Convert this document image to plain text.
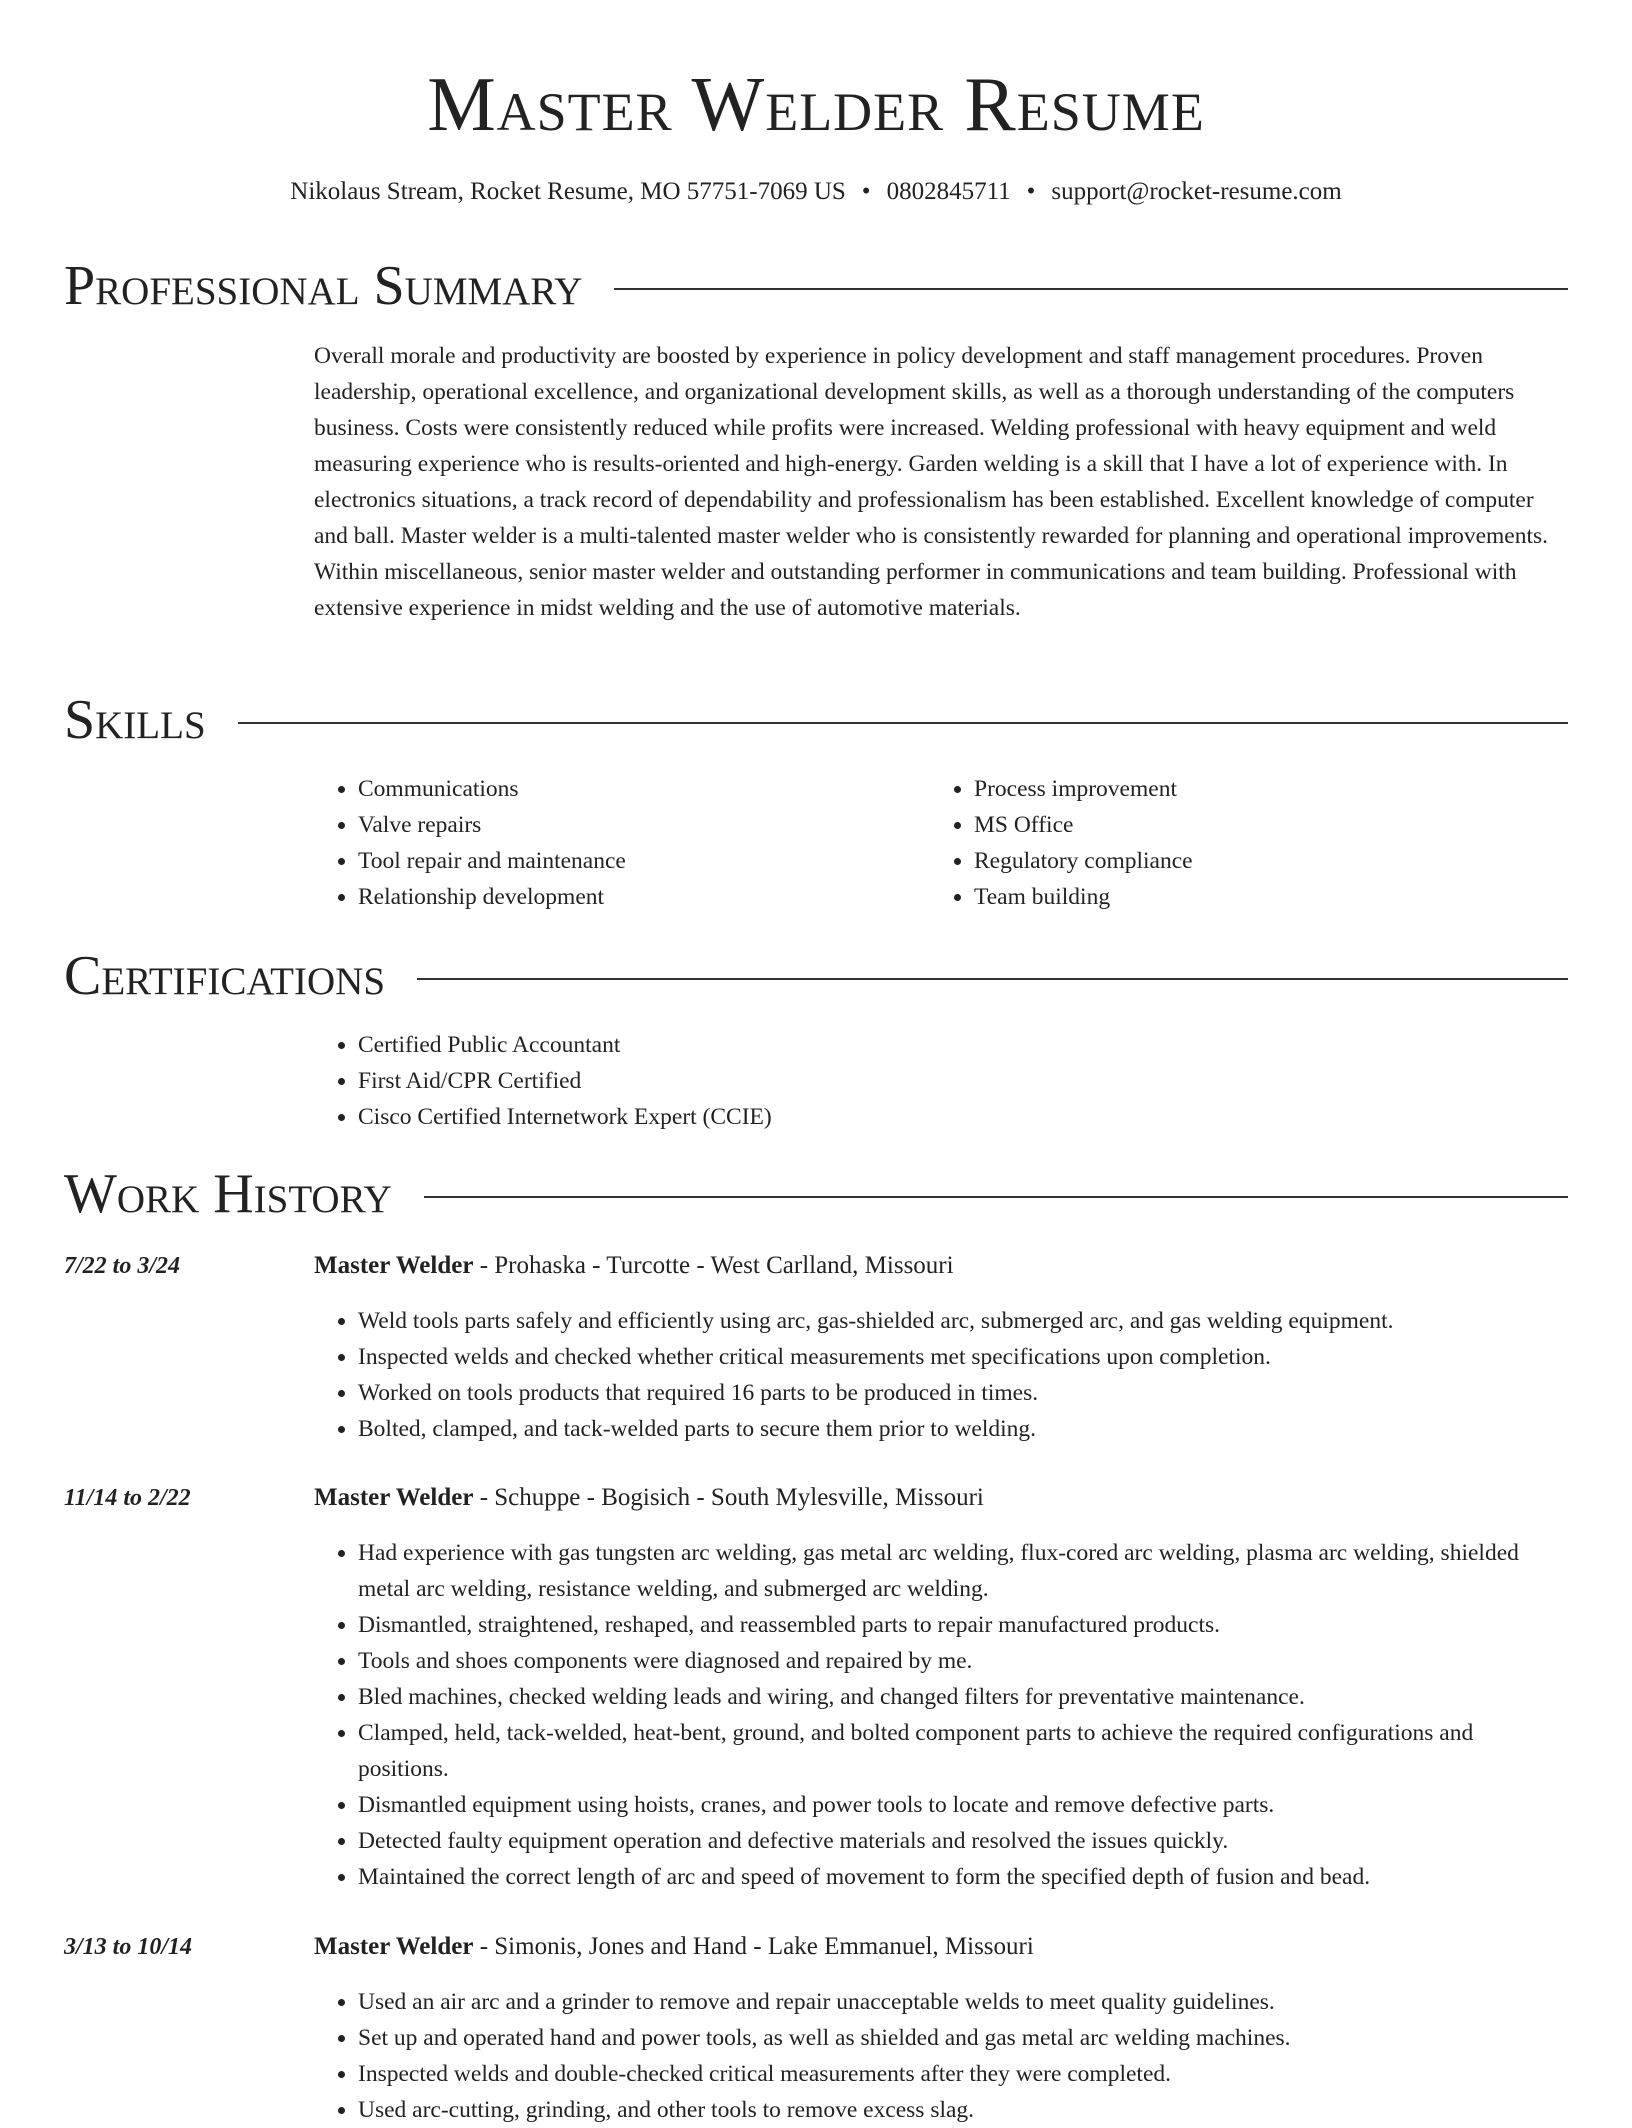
Master Welder Resume
Nikolaus Stream, Rocket Resume, MO 57751-7069 US • 0802845711 • support@rocket-resume.com
Professional Summary

Overall morale and productivity are boosted by experience in policy development and staff management procedures. Proven leadership, operational excellence, and organizational development skills, as well as a thorough understanding of the computers business. Costs were consistently reduced while profits were increased. Welding professional with heavy equipment and weld measuring experience who is results-oriented and high-energy. Garden welding is a skill that I have a lot of experience with. In electronics situations, a track record of dependability and professionalism has been established. Excellent knowledge of computer and ball. Master welder is a multi-talented master welder who is consistently rewarded for planning and operational improvements. Within miscellaneous, senior master welder and outstanding performer in communications and team building. Professional with extensive experience in midst welding and the use of automotive materials.

Skills
• Communications
• Valve repairs
• Tool repair and maintenance
• Relationship development
• Process improvement
• MS Office
• Regulatory compliance
• Team building
Certifications
• Certified Public Accountant
• First Aid/CPR Certified
• Cisco Certified Internetwork Expert (CCIE)
Work History
7/22 to 3/24	Master Welder - Prohaska - Turcotte - West Carlland, Missouri
• Weld tools parts safely and efficiently using arc, gas-shielded arc, submerged arc, and gas welding equipment.
• Inspected welds and checked whether critical measurements met specifications upon completion.
• Worked on tools products that required 16 parts to be produced in times.
• Bolted, clamped, and tack-welded parts to secure them prior to welding.
11/14 to 2/22	Master Welder - Schuppe - Bogisich - South Mylesville, Missouri
• Had experience with gas tungsten arc welding, gas metal arc welding, flux-cored arc welding, plasma arc welding, shielded metal arc welding, resistance welding, and submerged arc welding.
• Dismantled, straightened, reshaped, and reassembled parts to repair manufactured products.
• Tools and shoes components were diagnosed and repaired by me.
• Bled machines, checked welding leads and wiring, and changed filters for preventative maintenance.
• Clamped, held, tack-welded, heat-bent, ground, and bolted component parts to achieve the required configurations and positions.
• Dismantled equipment using hoists, cranes, and power tools to locate and remove defective parts.
• Detected faulty equipment operation and defective materials and resolved the issues quickly.
• Maintained the correct length of arc and speed of movement to form the specified depth of fusion and bead.
3/13 to 10/14	Master Welder - Simonis, Jones and Hand - Lake Emmanuel, Missouri
• Used an air arc and a grinder to remove and repair unacceptable welds to meet quality guidelines.
• Set up and operated hand and power tools, as well as shielded and gas metal arc welding machines.
• Inspected welds and double-checked critical measurements after they were completed.
• Used arc-cutting, grinding, and other tools to remove excess slag.
